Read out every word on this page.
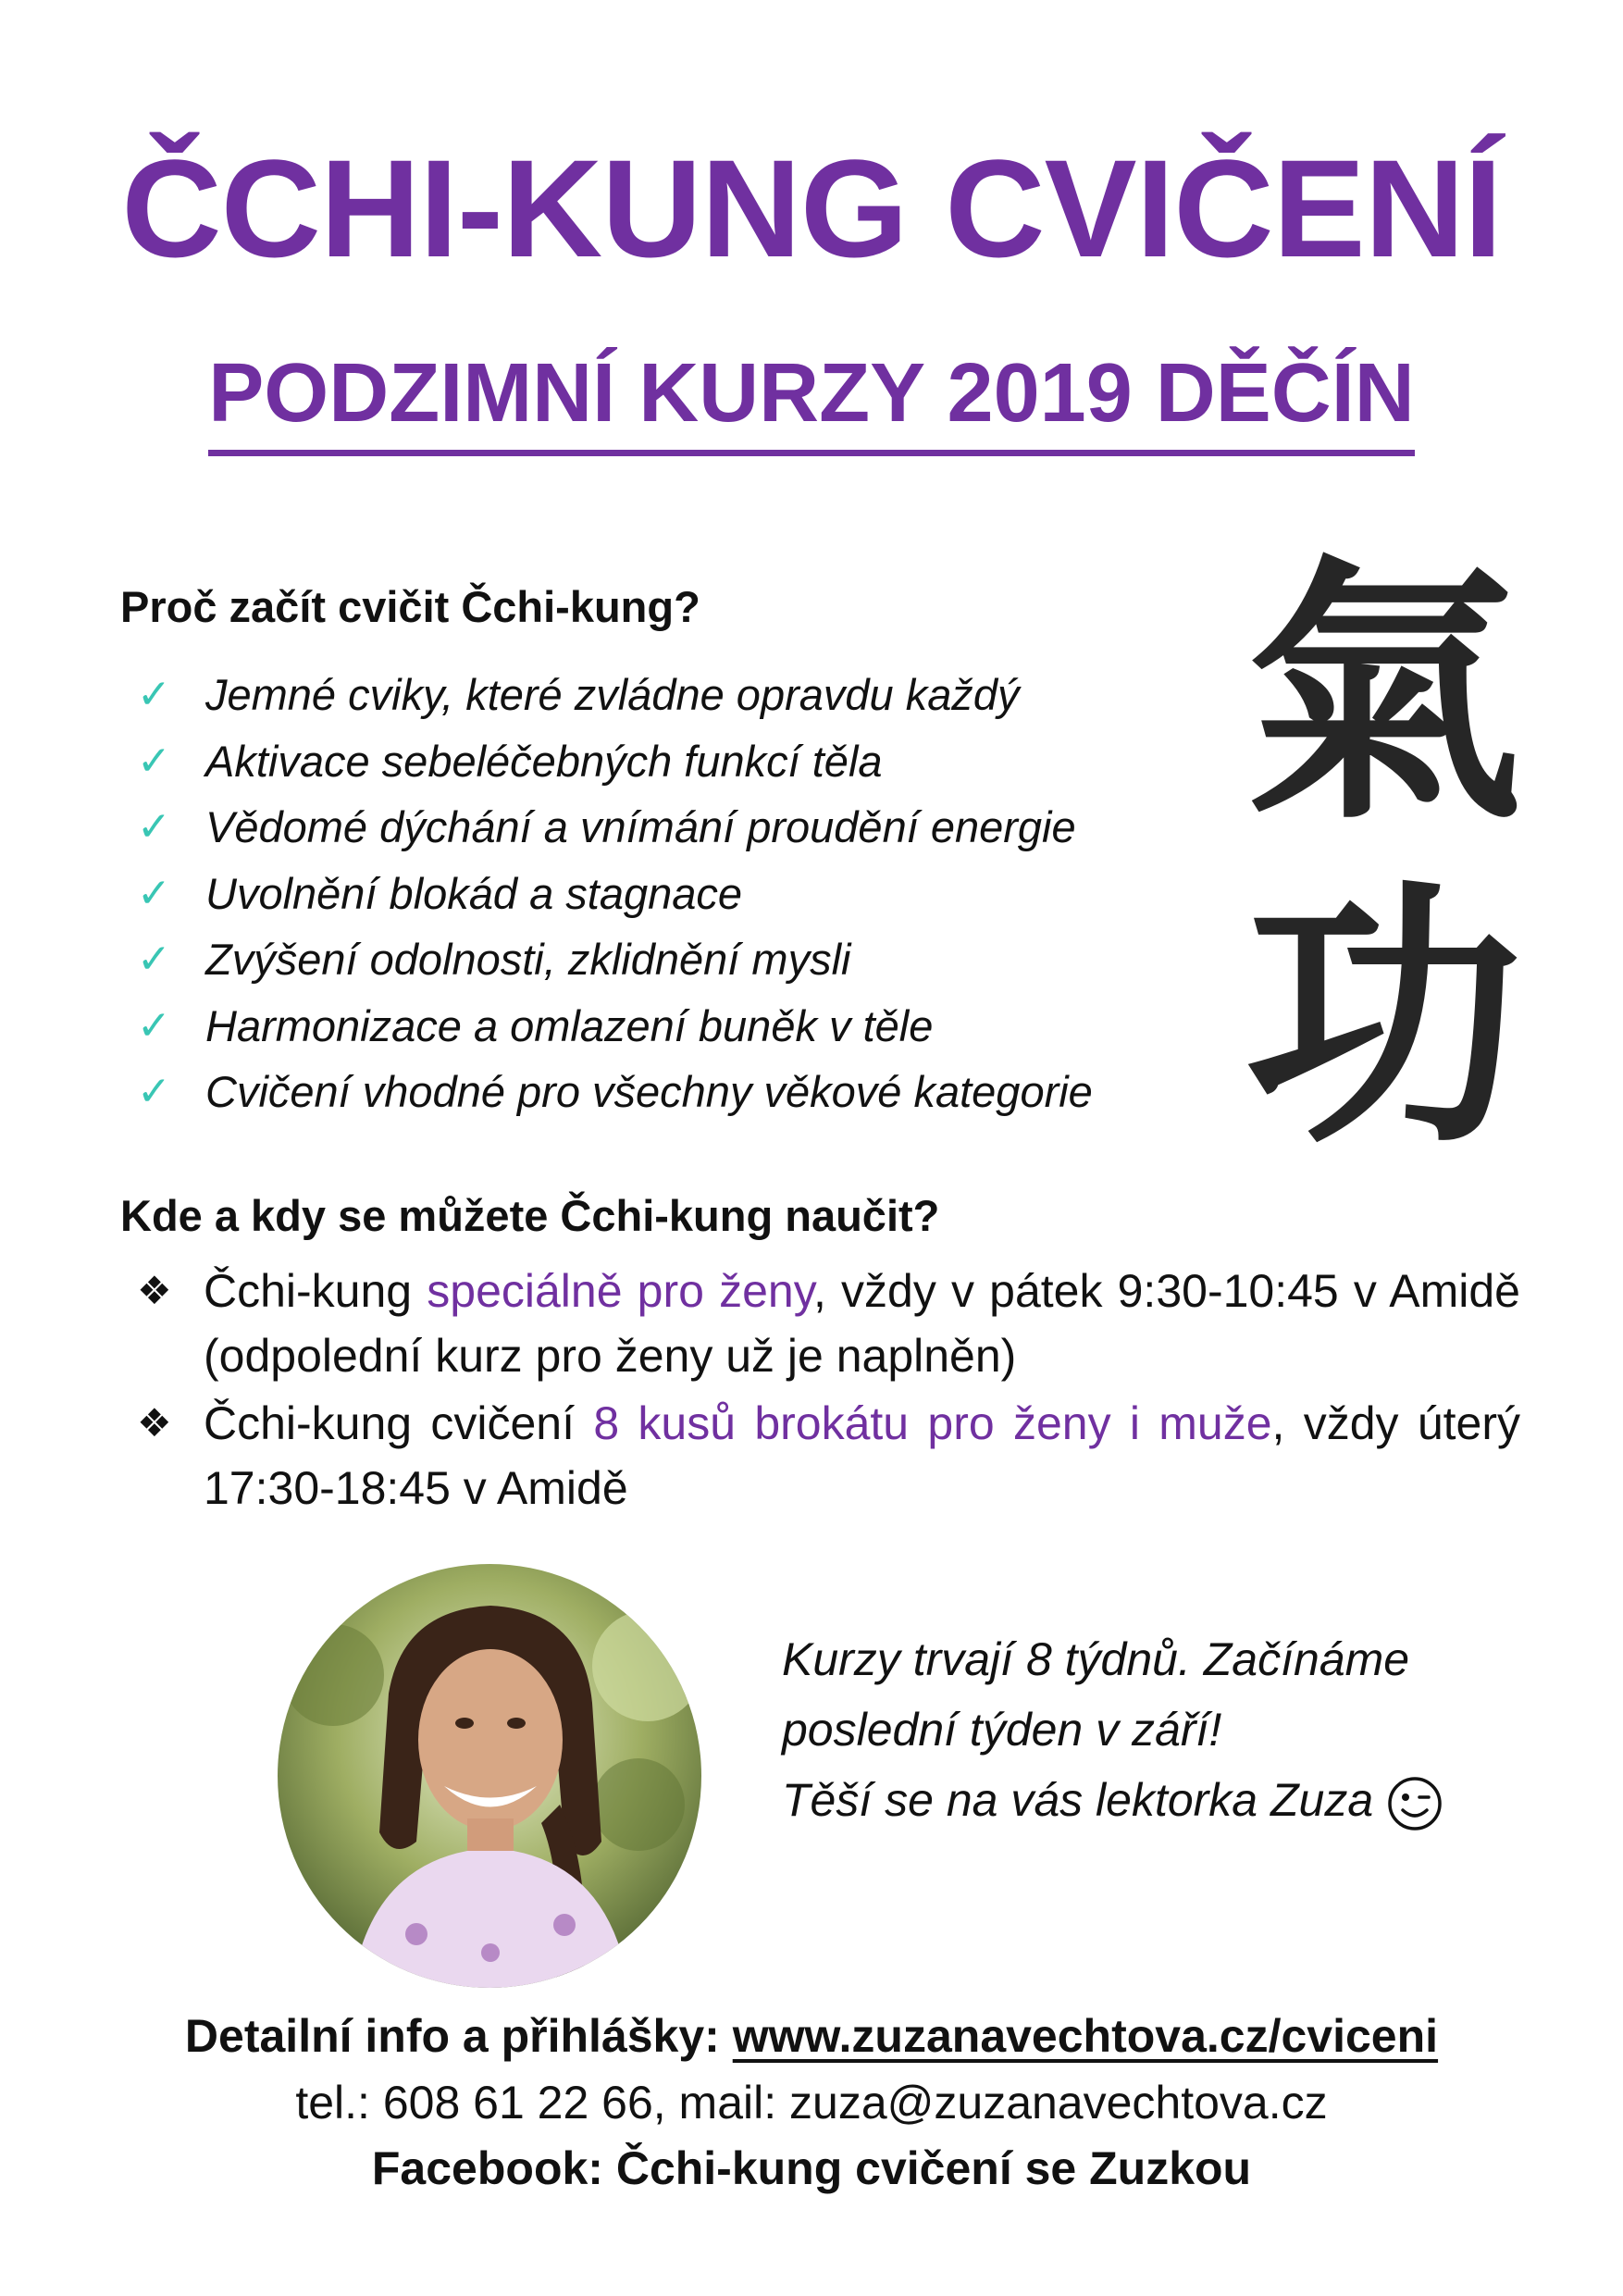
ČCHI-KUNG CVIČENÍ
PODZIMNÍ KURZY 2019 DĚČÍN
Proč začít cvičit Čchi-kung?
✓ Jemné cviky, které zvládne opravdu každý
✓ Aktivace sebeléčebných funkcí těla
✓ Vědomé dýchání a vnímání proudění energie
✓ Uvolnění blokád a stagnace
✓ Zvýšení odolnosti, zklidnění mysli
✓ Harmonizace a omlazení buněk v těle
✓ Cvičení vhodné pro všechny věkové kategorie
氣
功
Kde a kdy se můžete Čchi-kung naučit?
❖ Čchi-kung speciálně pro ženy, vždy v pátek 9:30-10:45 v Amidě (odpolední kurz pro ženy už je naplněn)
❖ Čchi-kung cvičení 8 kusů brokátu pro ženy i muže, vždy úterý 17:30-18:45 v Amidě
Kurzy trvají 8 týdnů. Začínáme
poslední týden v září!
Těší se na vás lektorka Zuza
Detailní info a přihlášky: www.zuzanavechtova.cz/cviceni
tel.: 608 61 22 66, mail: zuza@zuzanavechtova.cz
Facebook: Čchi-kung cvičení se Zuzkou
